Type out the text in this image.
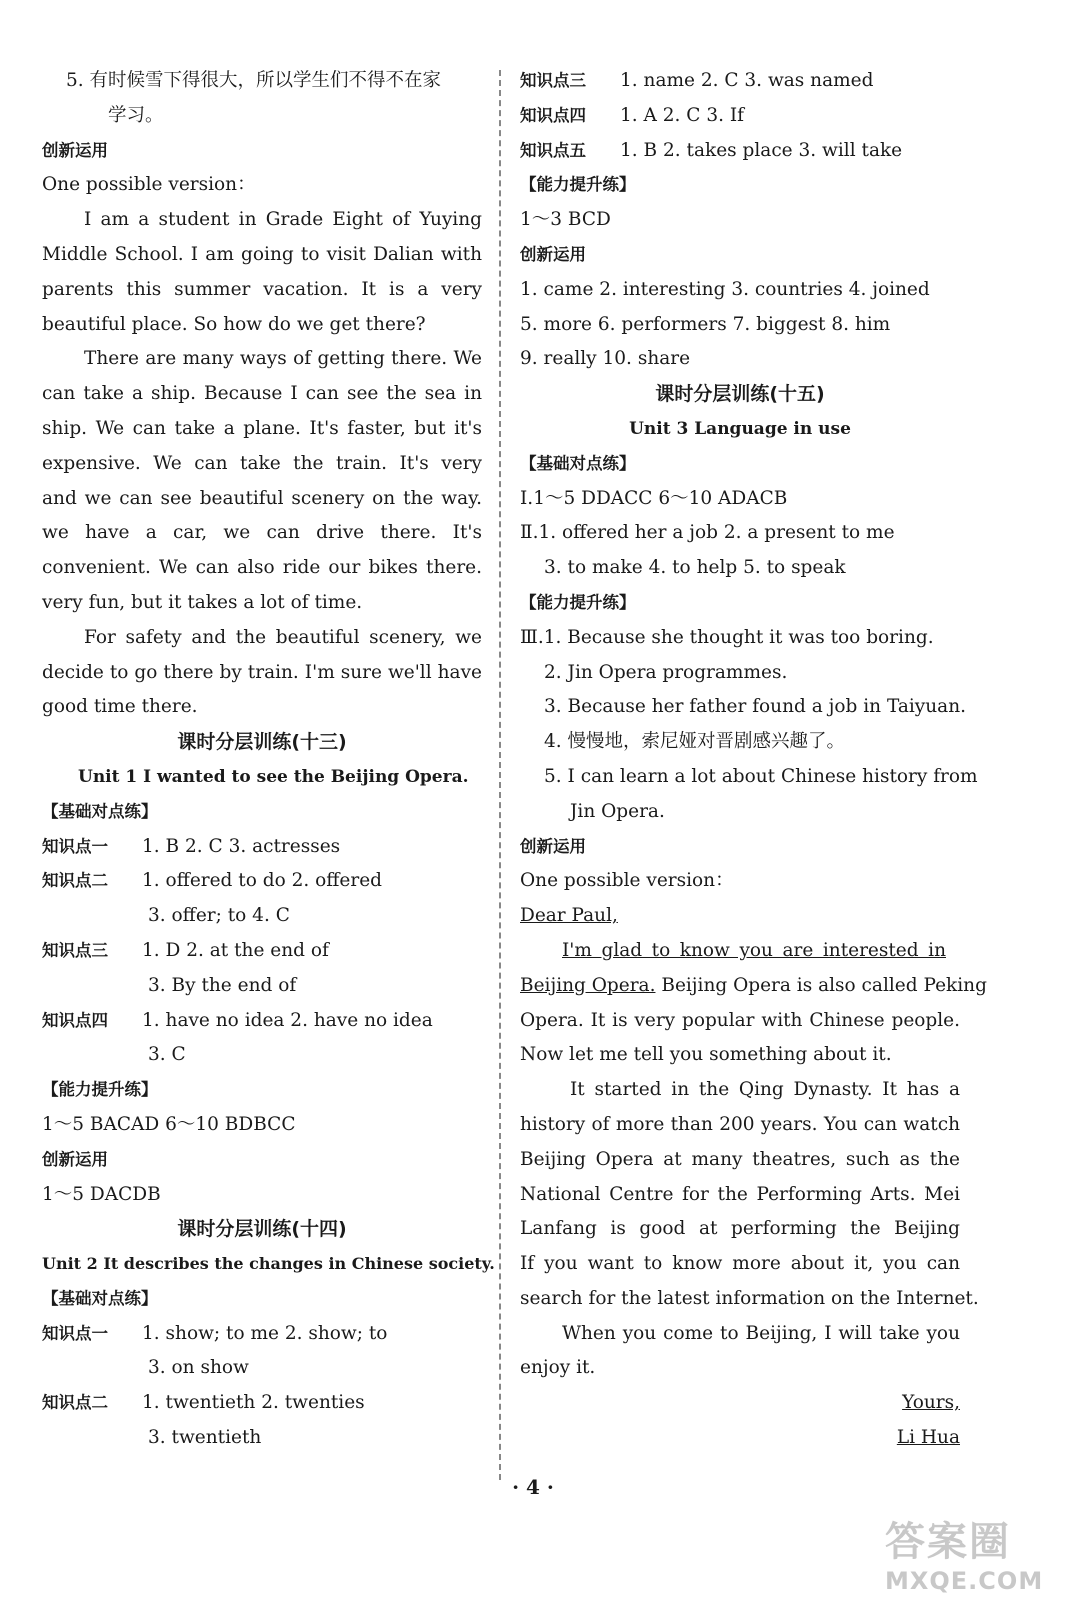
5. 有时候雪下得很大，所以学生们不得不在家
学习。
创新运用
One possible version：
I am a student in Grade Eight of Yuying
Middle School. I am going to visit Dalian with
parents this summer vacation. It is a very
beautiful place. So how do we get there?
There are many ways of getting there. We
can take a ship. Because I can see the sea in
ship. We can take a plane. It's faster, but it's
expensive. We can take the train. It's very
and we can see beautiful scenery on the way.
we have a car, we can drive there. It's
convenient. We can also ride our bikes there.
very fun, but it takes a lot of time.
For safety and the beautiful scenery, we
decide to go there by train. I'm sure we'll have
good time there.
课时分层训练(十三)
Unit 1 I wanted to see the Beijing Opera.
【基础对点练】
知识点一 1. B 2. C 3. actresses
知识点二 1. offered to do 2. offered
3. offer; to 4. C
知识点三 1. D 2. at the end of
3. By the end of
知识点四 1. have no idea 2. have no idea
3. C
【能力提升练】
1～5 BACAD 6～10 BDBCC
创新运用
1～5 DACDB
课时分层训练(十四)
Unit 2 It describes the changes in Chinese society.
【基础对点练】
知识点一 1. show; to me 2. show; to
3. on show
知识点二 1. twentieth 2. twenties
3. twentieth
知识点三 1. name 2. C 3. was named
知识点四 1. A 2. C 3. If
知识点五 1. B 2. takes place 3. will take
【能力提升练】
1～3 BCD
创新运用
1. came 2. interesting 3. countries 4. joined
5. more 6. performers 7. biggest 8. him
9. really 10. share
课时分层训练(十五)
Unit 3 Language in use
【基础对点练】
Ⅰ.1～5 DDACC 6～10 ADACB
Ⅱ.1. offered her a job 2. a present to me
3. to make 4. to help 5. to speak
【能力提升练】
Ⅲ.1. Because she thought it was too boring.
2. Jin Opera programmes.
3. Because her father found a job in Taiyuan.
4. 慢慢地，索尼娅对晋剧感兴趣了。
5. I can learn a lot about Chinese history from
Jin Opera.
创新运用
One possible version：
Dear Paul,
I'm glad to know you are interested in
Beijing Opera. Beijing Opera is also called Peking
Opera. It is very popular with Chinese people.
Now let me tell you something about it.
It started in the Qing Dynasty. It has a
history of more than 200 years. You can watch
Beijing Opera at many theatres, such as the
National Centre for the Performing Arts. Mei
Lanfang is good at performing the Beijing
If you want to know more about it, you can
search for the latest information on the Internet.
When you come to Beijing, I will take you
enjoy it.
Yours,
Li Hua
· 4 ·
答案圈
MXQE.COM
